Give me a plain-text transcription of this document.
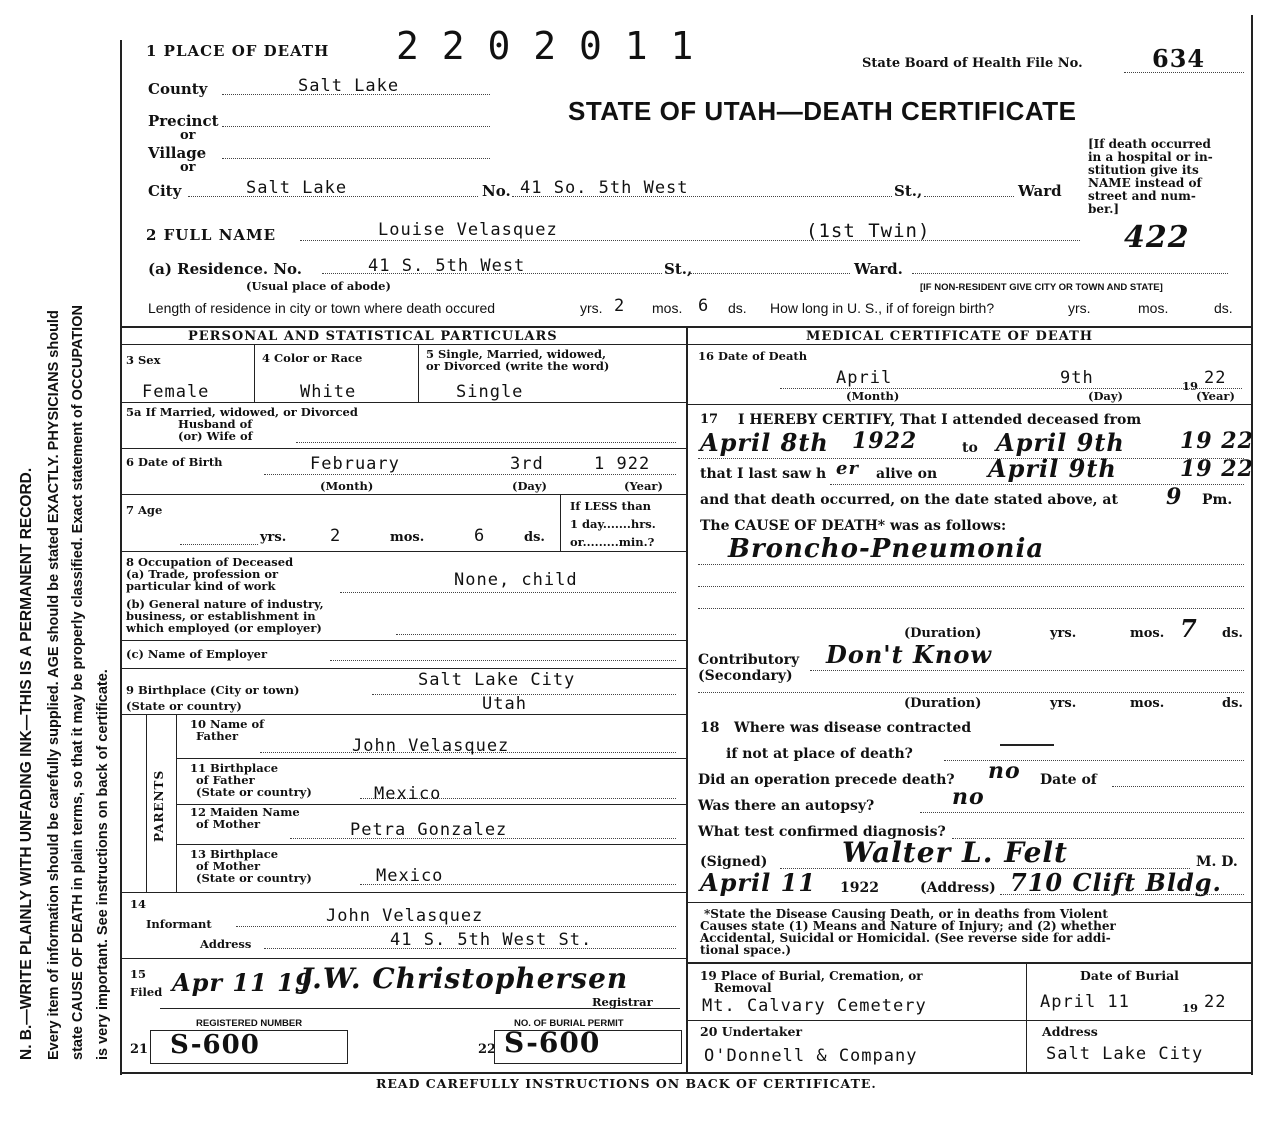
N. B.—WRITE PLAINLY WITH UNFADING INK—THIS IS A PERMANENT RECORD. Every item of information should be carefully supplied. AGE should be stated EXACTLY. PHYSICIANS should state CAUSE OF DEATH in plain terms, so that it may be properly classified. Exact statement of OCCUPATION is very important. See instructions on back of certificate.
1 PLACE OF DEATH 2 2 0 2 0 1 1	State Board of Health File No.	634
STATE OF UTAH—DEATH CERTIFICATE
[If death occurred
in a hospital or in-
stitution give its
NAME instead of
street and num-
ber.]
422
County	Salt Lake
Precinct
or
Village
or
City	Salt Lake	No. 41 So. 5th West	St.,	Ward
2 FULL NAME	Louise Velasquez	(1st Twin)
(a) Residence. No.	41 S. 5th West	St.,	Ward.
(Usual place of abode)	[IF NON-RESIDENT GIVE CITY OR TOWN AND STATE]
Length of residence in city or town where death occured	yrs. 2 mos. 6 ds. How long in U. S., if of foreign birth?	yrs.	mos.	ds.
PERSONAL AND STATISTICAL PARTICULARS	MEDICAL CERTIFICATE OF DEATH
3 Sex
Female
4 Color or Race
White
5 Single, Married, widowed,
or Divorced (write the word)
Single
5a If Married, widowed, or Divorced
Husband of
(or) Wife of
6 Date of Birth	February	3rd	1 922
(Month)	(Day)	(Year)
7 Age
yrs.	2	mos.	6	ds.
If LESS than
1 day.......hrs.
or.........min.?
8 Occupation of Deceased
(a) Trade, profession or
particular kind of work	None, child
(b) General nature of industry,
business, or establishment in
which employed (or employer)
(c) Name of Employer
9 Birthplace (City or town)
(State or country)
Salt Lake City
Utah
PARENTS
10 Name of
Father	John Velasquez
11 Birthplace
of Father
(State or country)	Mexico
12 Maiden Name
of Mother	Petra Gonzalez
13 Birthplace
of Mother
(State or country)	Mexico
14
Informant	John Velasquez
Address	41 S. 5th West St.
15
Filed Apr 11 19
J.W. Christophersen
Registrar
REGISTERED NUMBER
21 S-600
NO. OF BURIAL PERMIT
22 S-600
16 Date of Death
April	9th	19 22
(Month)	(Day)	(Year)
17 I HEREBY CERTIFY, That I attended deceased from
April 8th 1922	to April 9th	19 22
that I last saw h er alive on April 9th	19 22
and that death occurred, on the date stated above, at 9 Pm.
The CAUSE OF DEATH* was as follows:
Broncho-Pneumonia
(Duration)	yrs.	mos. 7 ds.
Contributory
(Secondary)
Don't Know
(Duration)	yrs.	mos.	ds.
18 Where was disease contracted
if not at place of death?
Did an operation precede death? no Date of
Was there an autopsy?	no
What test confirmed diagnosis?
(Signed)	Walter L. Felt	M. D.
April 11 1922	(Address) 710 Clift Bldg.
*State the Disease Causing Death, or in deaths from Violent
Causes state (1) Means and Nature of Injury; and (2) whether
Accidental, Suicidal or Homicidal. (See reverse side for addi-
tional space.)
19 Place of Burial, Cremation, or
Removal
Mt. Calvary Cemetery
Date of Burial
April 11	19 22
20 Undertaker
O'Donnell & Company
Address
Salt Lake City
READ CAREFULLY INSTRUCTIONS ON BACK OF CERTIFICATE.
